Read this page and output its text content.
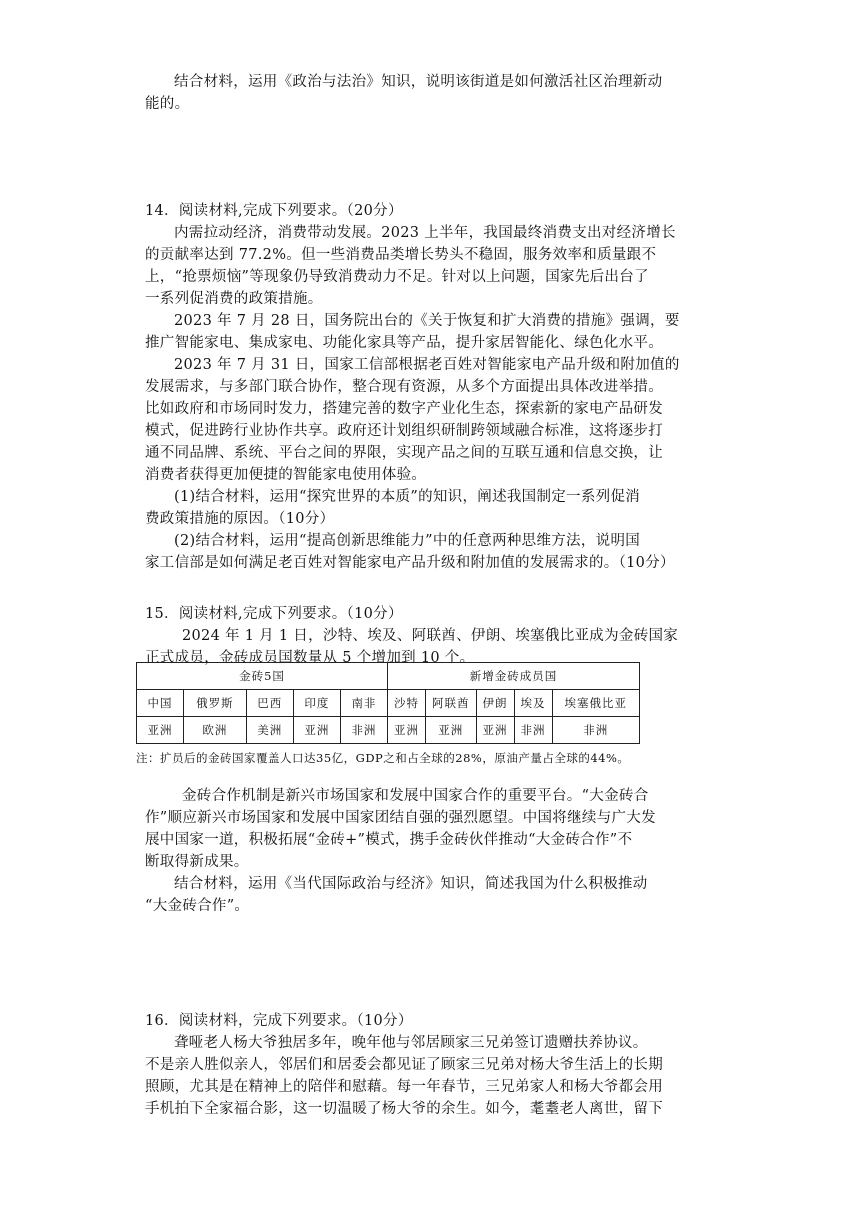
结合材料，运用《政治与法治》知识，说明该街道是如何激活社区治理新动
能的。
14．阅读材料,完成下列要求。（20分）
内需拉动经济，消费带动发展。2023 上半年，我国最终消费支出对经济增长
的贡献率达到 77.2%。但一些消费品类增长势头不稳固，服务效率和质量跟不
上，“抢票烦恼”等现象仍导致消费动力不足。针对以上问题，国家先后出台了
一系列促消费的政策措施。
2023 年 7 月 28 日，国务院出台的《关于恢复和扩大消费的措施》强调，要
推广智能家电、集成家电、功能化家具等产品，提升家居智能化、绿色化水平。
2023 年 7 月 31 日，国家工信部根据老百姓对智能家电产品升级和附加值的
发展需求，与多部门联合协作，整合现有资源，从多个方面提出具体改进举措。
比如政府和市场同时发力，搭建完善的数字产业化生态，探索新的家电产品研发
模式，促进跨行业协作共享。政府还计划组织研制跨领域融合标准，这将逐步打
通不同品牌、系统、平台之间的界限，实现产品之间的互联互通和信息交换，让
消费者获得更加便捷的智能家电使用体验。
(1)结合材料，运用“探究世界的本质”的知识，阐述我国制定一系列促消
费政策措施的原因。（10分）
(2)结合材料，运用“提高创新思维能力”中的任意两种思维方法，说明国
家工信部是如何满足老百姓对智能家电产品升级和附加值的发展需求的。（10分）
15．阅读材料,完成下列要求。（10分）
2024 年 1 月 1 日，沙特、埃及、阿联酋、伊朗、埃塞俄比亚成为金砖国家
正式成员，金砖成员国数量从 5 个增加到 10 个。
金砖5国					新增金砖成员国				
中国	俄罗斯	巴西	印度	南非	沙特	阿联酋	伊朗	埃及	埃塞俄比亚
亚洲	欧洲	美洲	亚洲	非洲	亚洲	亚洲	亚洲	非洲	非洲
注：扩员后的金砖国家覆盖人口达35亿，GDP之和占全球的28%，原油产量占全球的44%。
金砖合作机制是新兴市场国家和发展中国家合作的重要平台。“大金砖合
作”顺应新兴市场国家和发展中国家团结自强的强烈愿望。中国将继续与广大发
展中国家一道，积极拓展“金砖+”模式，携手金砖伙伴推动“大金砖合作”不
断取得新成果。
结合材料，运用《当代国际政治与经济》知识，简述我国为什么积极推动
“大金砖合作”。
16．阅读材料，完成下列要求。（10分）
聋哑老人杨大爷独居多年，晚年他与邻居顾家三兄弟签订遗赠扶养协议。
不是亲人胜似亲人，邻居们和居委会都见证了顾家三兄弟对杨大爷生活上的长期
照顾，尤其是在精神上的陪伴和慰藉。每一年春节，三兄弟家人和杨大爷都会用
手机拍下全家福合影，这一切温暖了杨大爷的余生。如今，耄耋老人离世，留下
